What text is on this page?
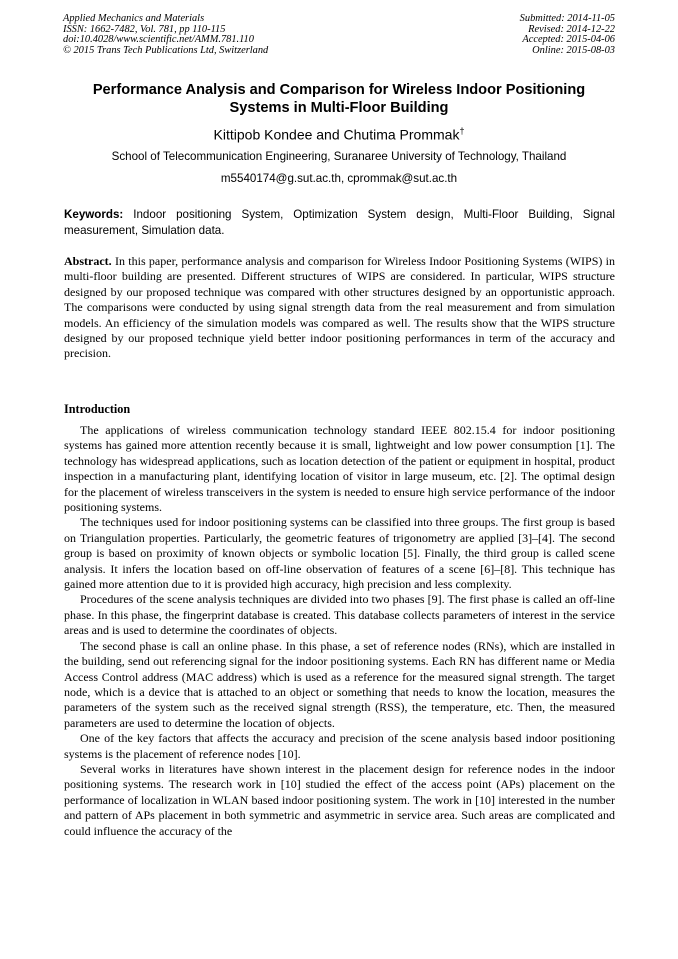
Applied Mechanics and Materials
ISSN: 1662-7482, Vol. 781, pp 110-115
doi:10.4028/www.scientific.net/AMM.781.110
© 2015 Trans Tech Publications Ltd, Switzerland
Submitted: 2014-11-05
Revised: 2014-12-22
Accepted: 2015-04-06
Online: 2015-08-03
Performance Analysis and Comparison for Wireless Indoor Positioning
Systems in Multi-Floor Building
Kittipob Kondee and Chutima Prommak†
School of Telecommunication Engineering, Suranaree University of Technology, Thailand
m5540174@g.sut.ac.th, cprommak@sut.ac.th
Keywords: Indoor positioning System, Optimization System design, Multi-Floor Building, Signal measurement, Simulation data.
Abstract. In this paper, performance analysis and comparison for Wireless Indoor Positioning Systems (WIPS) in multi-floor building are presented. Different structures of WIPS are considered. In particular, WIPS structure designed by our proposed technique was compared with other structures designed by an opportunistic approach. The comparisons were conducted by using signal strength data from the real measurement and from simulation models. An efficiency of the simulation models was compared as well. The results show that the WIPS structure designed by our proposed technique yield better indoor positioning performances in term of the accuracy and precision.
Introduction

The applications of wireless communication technology standard IEEE 802.15.4 for indoor positioning systems has gained more attention recently because it is small, lightweight and low power consumption [1]. The technology has widespread applications, such as location detection of the patient or equipment in hospital, product inspection in a manufacturing plant, identifying location of visitor in large museum, etc. [2]. The optimal design for the placement of wireless transceivers in the system is needed to ensure high service performance of the indoor positioning systems.

The techniques used for indoor positioning systems can be classified into three groups. The first group is based on Triangulation properties. Particularly, the geometric features of trigonometry are applied [3]–[4]. The second group is based on proximity of known objects or symbolic location [5]. Finally, the third group is called scene analysis. It infers the location based on off-line observation of features of a scene [6]–[8]. This technique has gained more attention due to it is provided high accuracy, high precision and less complexity.

Procedures of the scene analysis techniques are divided into two phases [9]. The first phase is called an off-line phase. In this phase, the fingerprint database is created. This database collects parameters of interest in the service areas and is used to determine the coordinates of objects.

The second phase is call an online phase. In this phase, a set of reference nodes (RNs), which are installed in the building, send out referencing signal for the indoor positioning systems. Each RN has different name or Media Access Control address (MAC address) which is used as a reference for the measured signal strength. The target node, which is a device that is attached to an object or something that needs to know the location, measures the parameters of the system such as the received signal strength (RSS), the temperature, etc. Then, the measured parameters are used to determine the location of objects.

One of the key factors that affects the accuracy and precision of the scene analysis based indoor positioning systems is the placement of reference nodes [10].

Several works in literatures have shown interest in the placement design for reference nodes in the indoor positioning systems. The research work in [10] studied the effect of the access point (APs) placement on the performance of localization in WLAN based indoor positioning system. The work in [10] interested in the number and pattern of APs placement in both symmetric and asymmetric in service area. Such areas are complicated and could influence the accuracy of the
